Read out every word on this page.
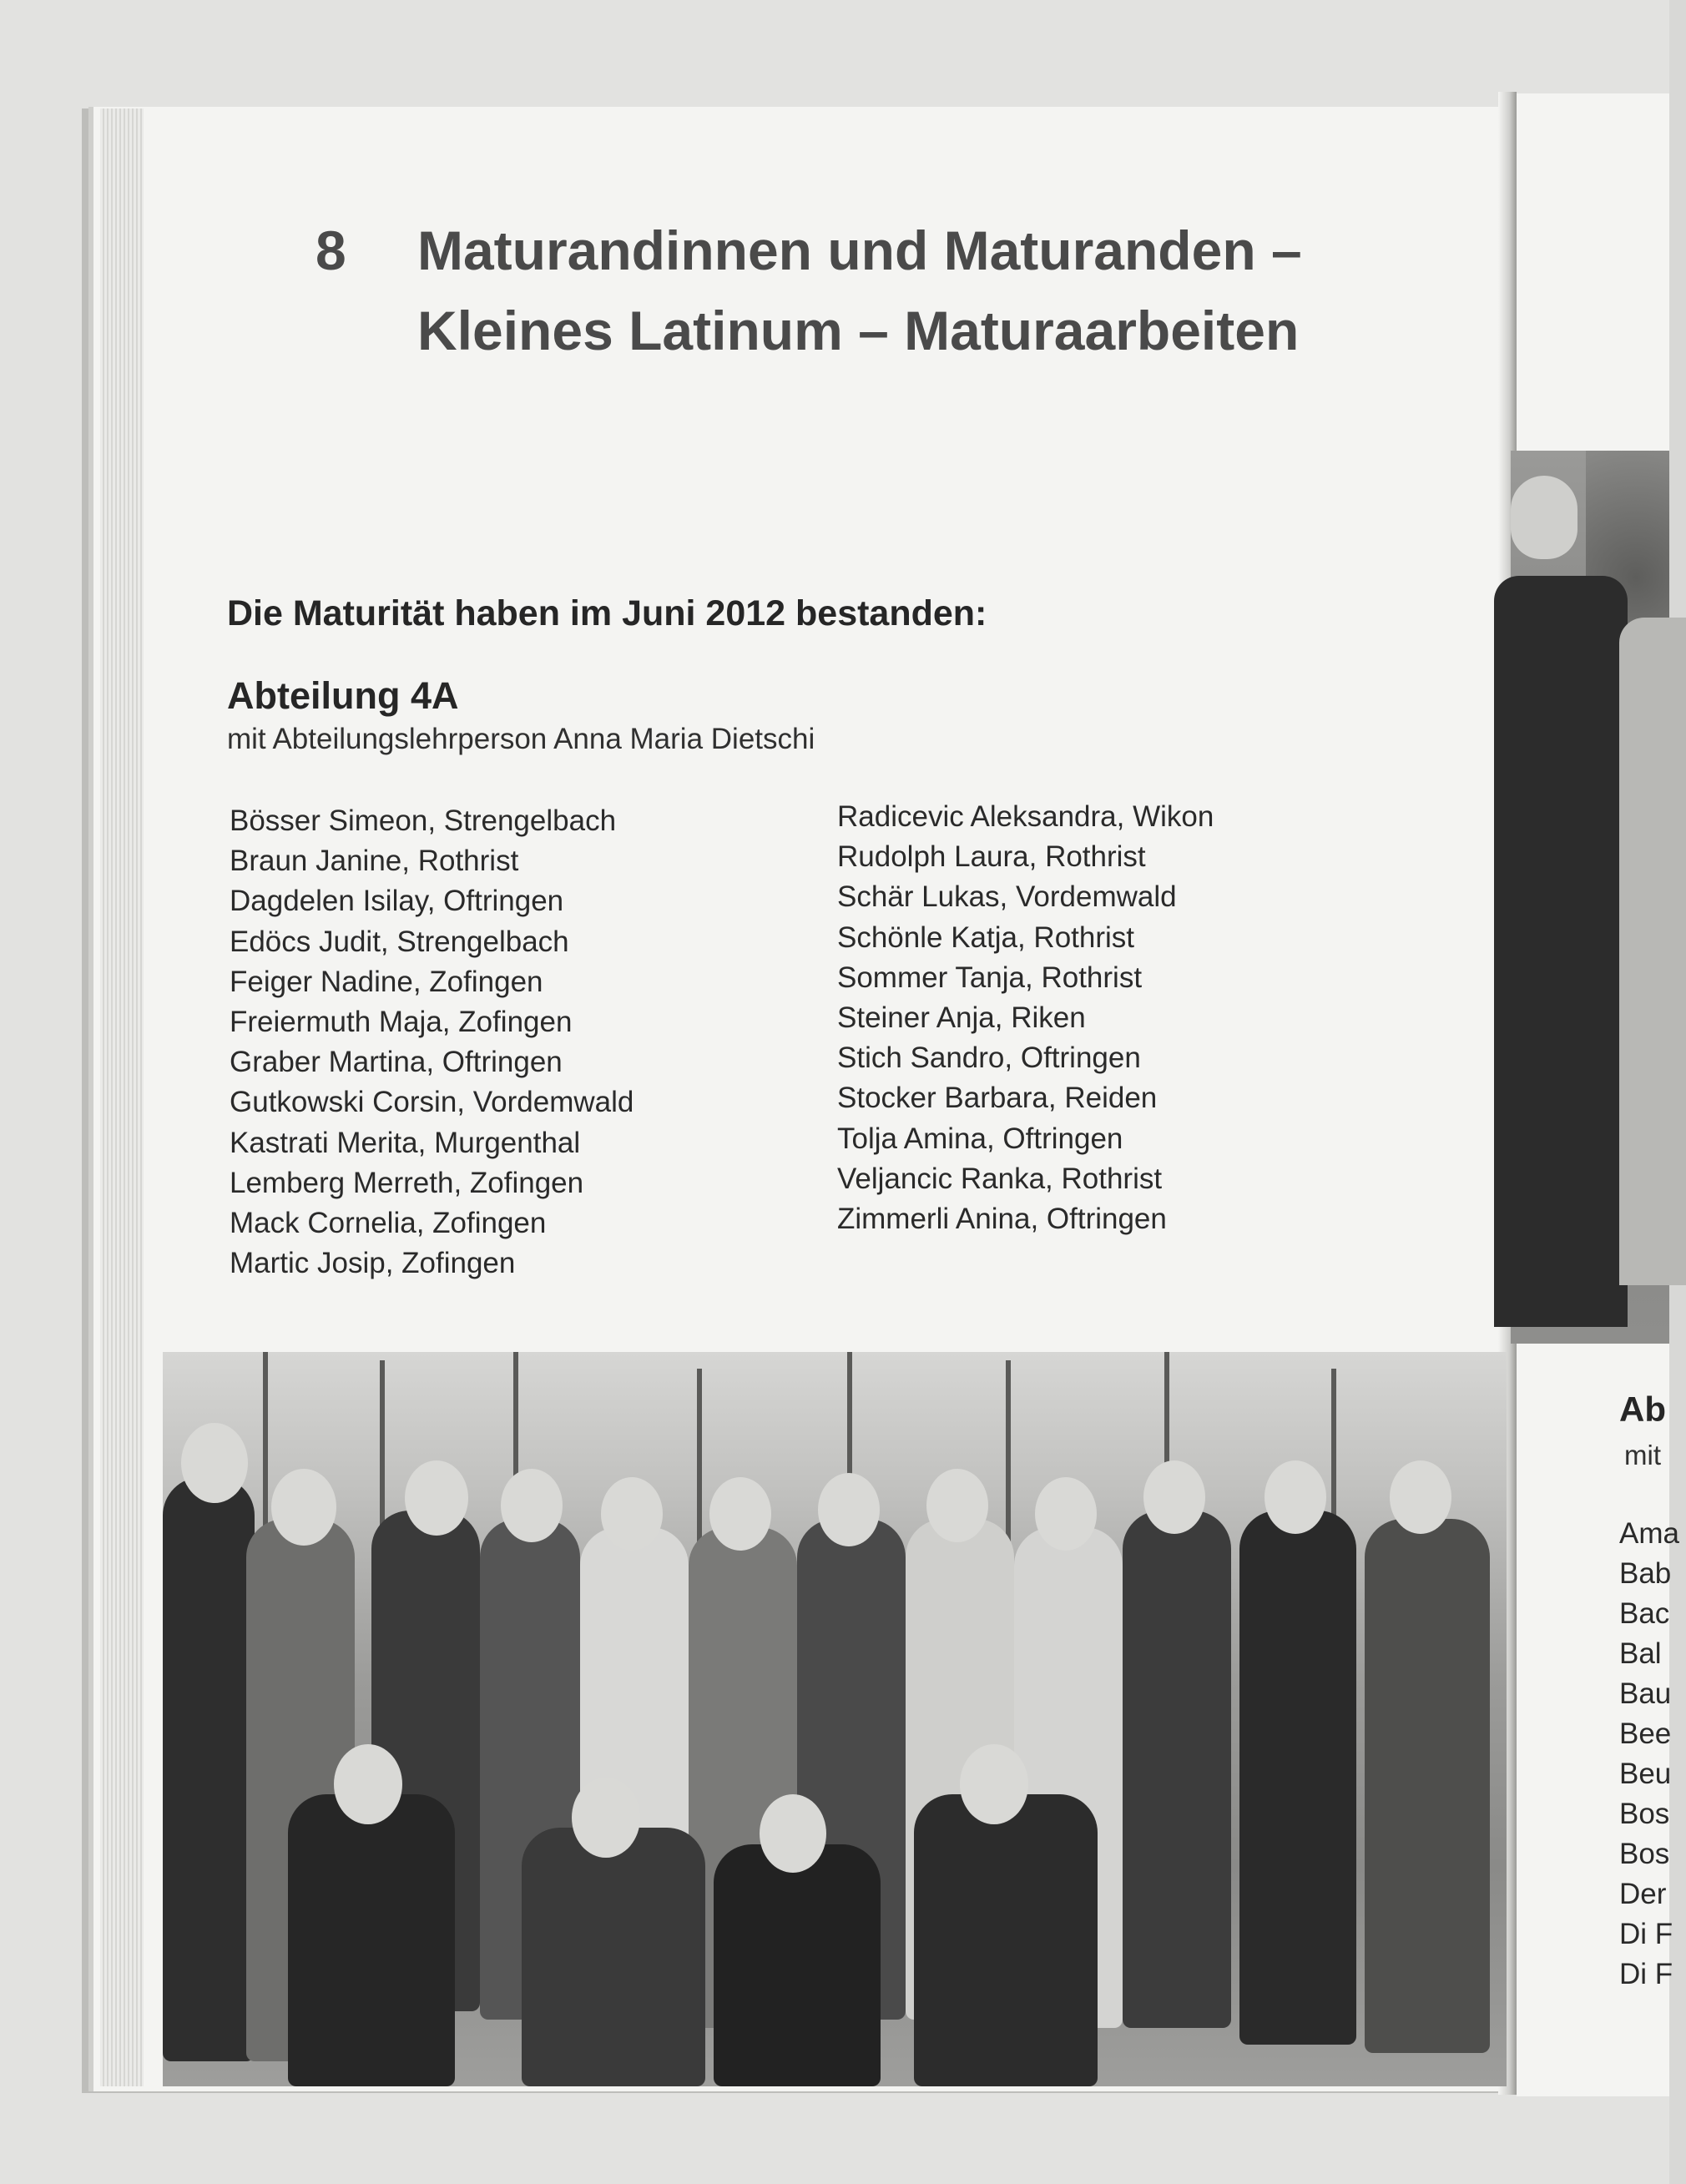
8 Maturandinnen und Maturanden –
Kleines Latinum – Maturaarbeiten
Die Maturität haben im Juni 2012 bestanden:
Abteilung 4A
mit Abteilungslehrperson Anna Maria Dietschi
Bösser Simeon, Strengelbach
Braun Janine, Rothrist
Dagdelen Isilay, Oftringen
Edöcs Judit, Strengelbach
Feiger Nadine, Zofingen
Freiermuth Maja, Zofingen
Graber Martina, Oftringen
Gutkowski Corsin, Vordemwald
Kastrati Merita, Murgenthal
Lemberg Merreth, Zofingen
Mack Cornelia, Zofingen
Martic Josip, Zofingen
Radicevic Aleksandra, Wikon
Rudolph Laura, Rothrist
Schär Lukas, Vordemwald
Schönle Katja, Rothrist
Sommer Tanja, Rothrist
Steiner Anja, Riken
Stich Sandro, Oftringen
Stocker Barbara, Reiden
Tolja Amina, Oftringen
Veljancic Ranka, Rothrist
Zimmerli Anina, Oftringen
Ab
mit
Ama
Bab
Bac
Bal
Bau
Bee
Beu
Bos
Bos
Der
Di F
Di F
